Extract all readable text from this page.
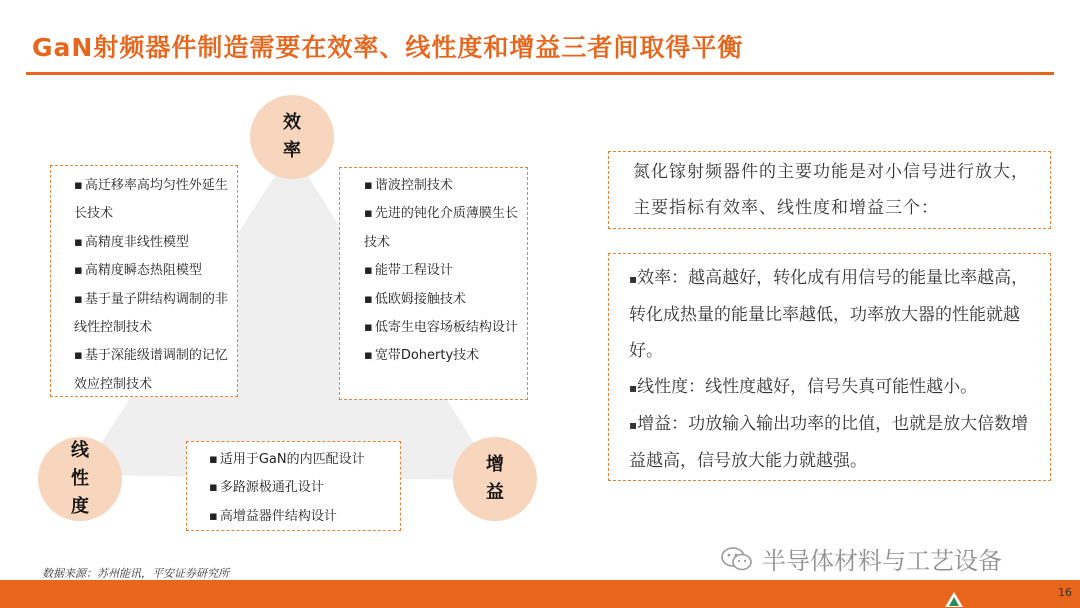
GaN射频器件制造需要在效率、线性度和增益三者间取得平衡
效率
线性度
增益
▪ 高迁移率高均匀性外延生长技术
▪ 高精度非线性模型
▪ 高精度瞬态热阻模型
▪ 基于量子阱结构调制的非线性控制技术
▪ 基于深能级谱调制的记忆效应控制技术
▪ 谐波控制技术
▪ 先进的钝化介质薄膜生长技术
▪ 能带工程设计
▪ 低欧姆接触技术
▪ 低寄生电容场板结构设计
▪ 宽带Doherty技术
▪ 适用于GaN的内匹配设计
▪ 多路源极通孔设计
▪ 高增益器件结构设计
氮化镓射频器件的主要功能是对小信号进行放大，主要指标有效率、线性度和增益三个：
▪效率：越高越好，转化成有用信号的能量比率越高，转化成热量的能量比率越低，功率放大器的性能就越好。
▪线性度：线性度越好，信号失真可能性越小。
▪增益：功放输入输出功率的比值，也就是放大倍数增益越高，信号放大能力就越强。
数据来源：苏州能讯，平安证券研究所	半导体材料与工艺设备
16
